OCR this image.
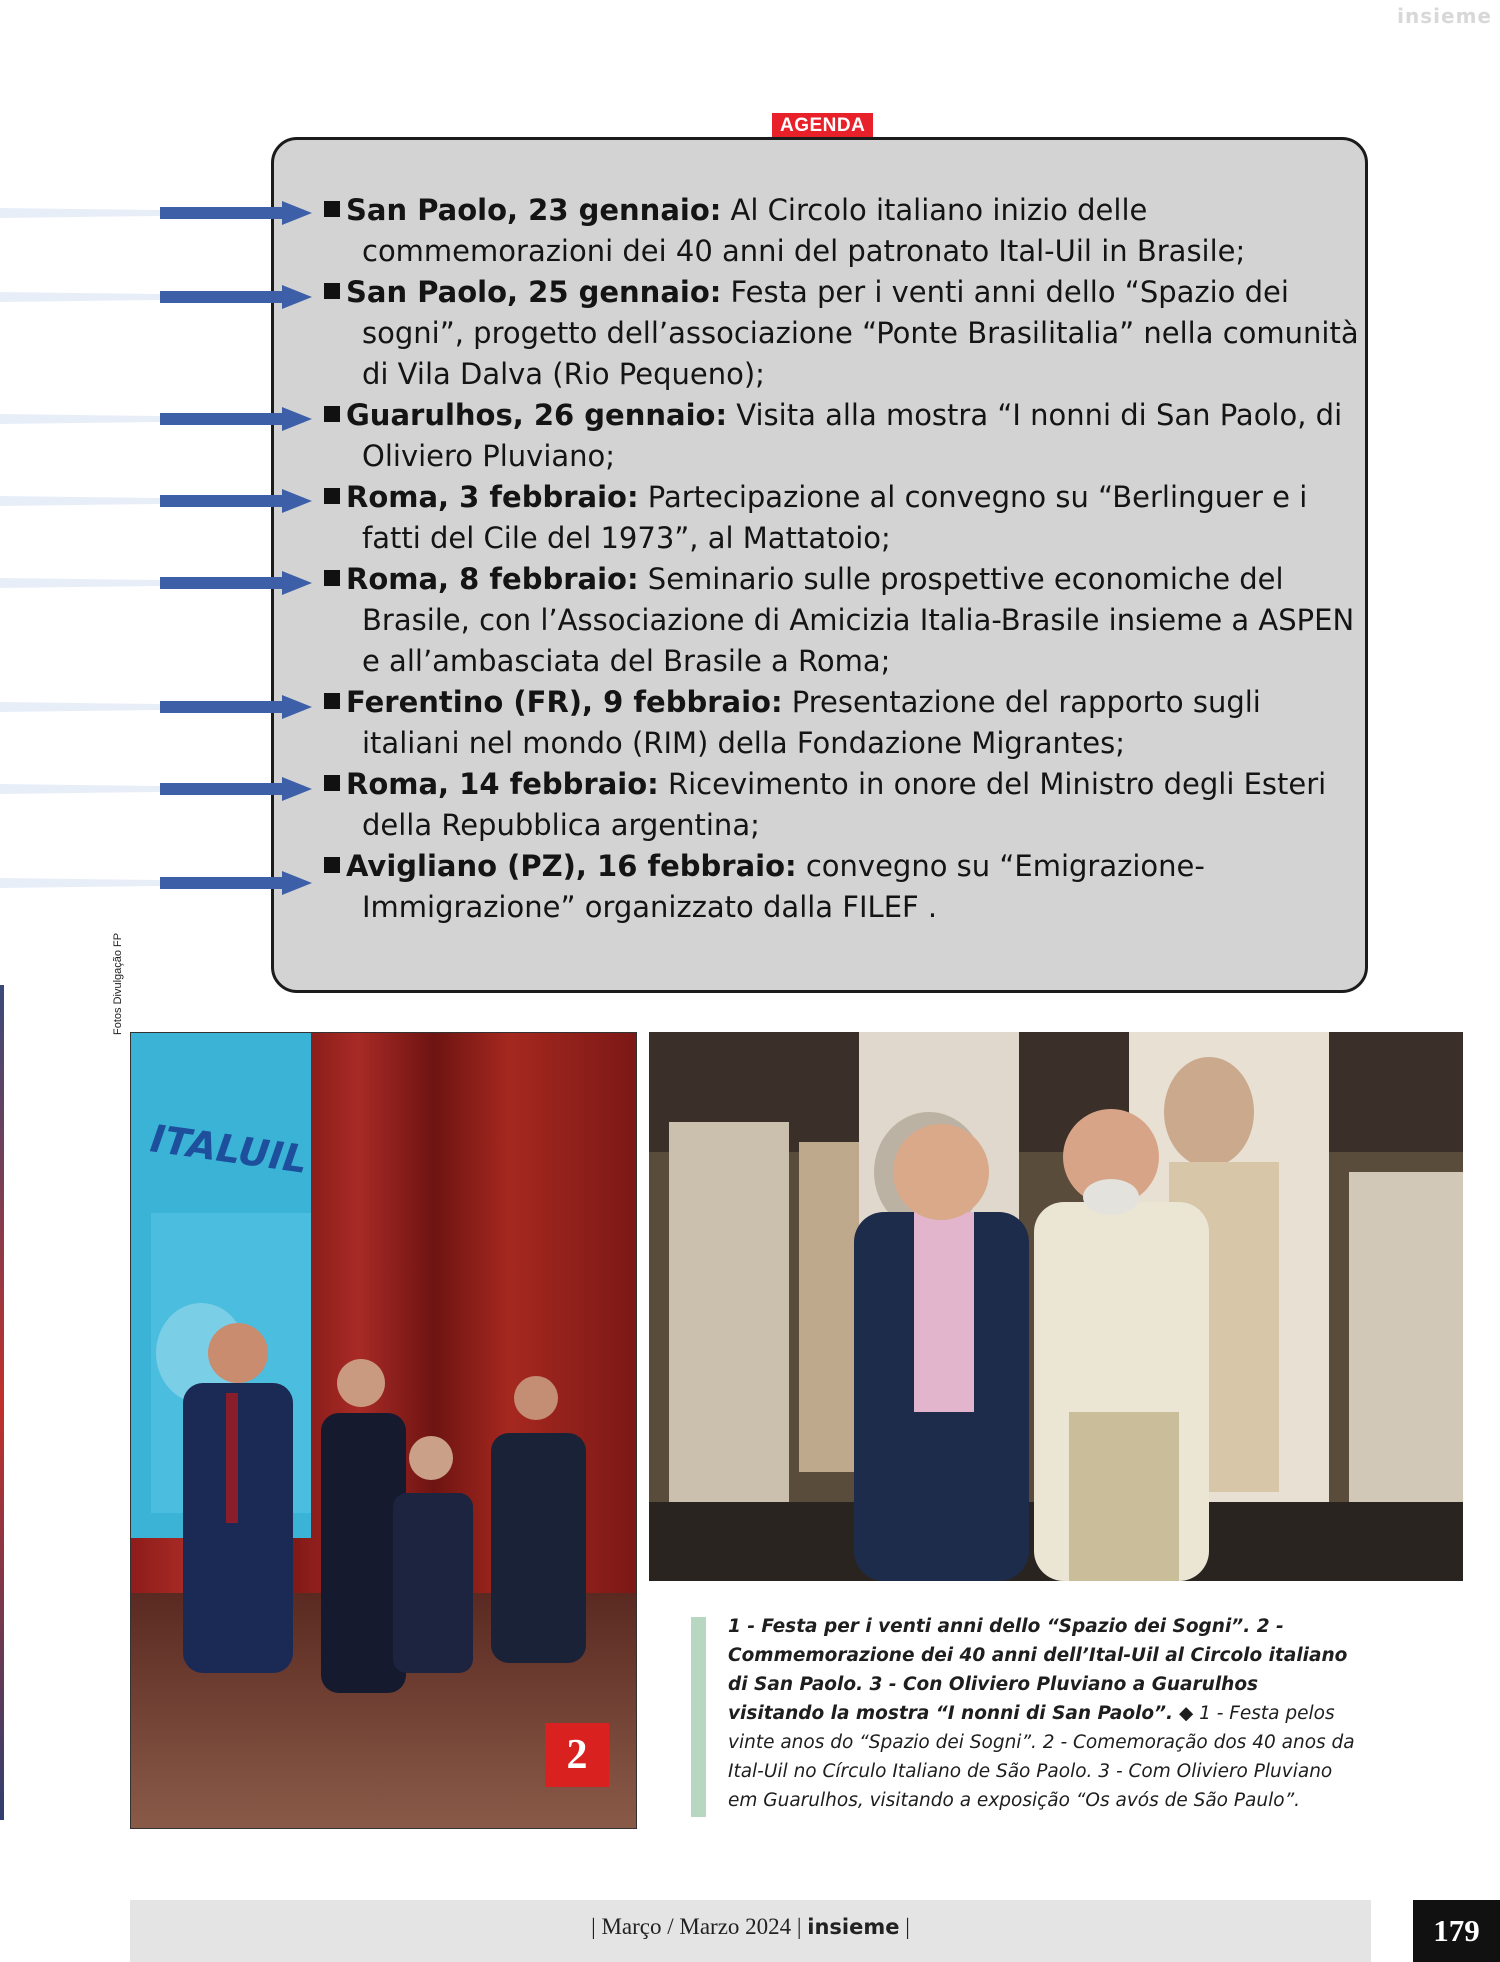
insieme
AGENDA
San Paolo, 23 gennaio: Al Circolo italiano inizio delle commemorazioni dei 40 anni del patronato Ital-Uil in Brasile;
San Paolo, 25 gennaio: Festa per i venti anni dello “Spazio dei sogni”, progetto dell’associazione “Ponte Brasilitalia” nella comunità di Vila Dalva (Rio Pequeno);
Guarulhos, 26 gennaio: Visita alla mostra “I nonni di San Paolo, di Oliviero Pluviano;
Roma, 3 febbraio: Partecipazione al convegno su “Berlinguer e i fatti del Cile del 1973”, al Mattatoio;
Roma, 8 febbraio: Seminario sulle prospettive economiche del Brasile, con l’Associazione di Amicizia Italia-Brasile insieme a ASPEN e all’ambasciata del Brasile a Roma;
Ferentino (FR), 9 febbraio: Presentazione del rapporto sugli italiani nel mondo (RIM) della Fondazione Migrantes;
Roma, 14 febbraio: Ricevimento in onore del Ministro degli Esteri della Repubblica argentina;
Avigliano (PZ), 16 febbraio: convegno su “Emigrazione-Immigrazione” organizzato dalla FILEF .
Fotos Divulgação FP
ITALUIL
2
1 - Festa per i venti anni dello “Spazio dei Sogni”. 2 - Commemorazione dei 40 anni dell’Ital-Uil al Circolo italiano di San Paolo. 3 - Con Oliviero Pluviano a Guarulhos visitando la mostra “I nonni di San Paolo”. ◆ 1 - Festa pelos vinte anos do “Spazio dei Sogni”. 2 - Comemoração dos 40 anos da Ital-Uil no Círculo Italiano de São Paolo. 3 - Com Oliviero Pluviano em Guarulhos, visitando a exposição “Os avós de São Paulo”.
| Março / Marzo 2024 | insieme |	179
